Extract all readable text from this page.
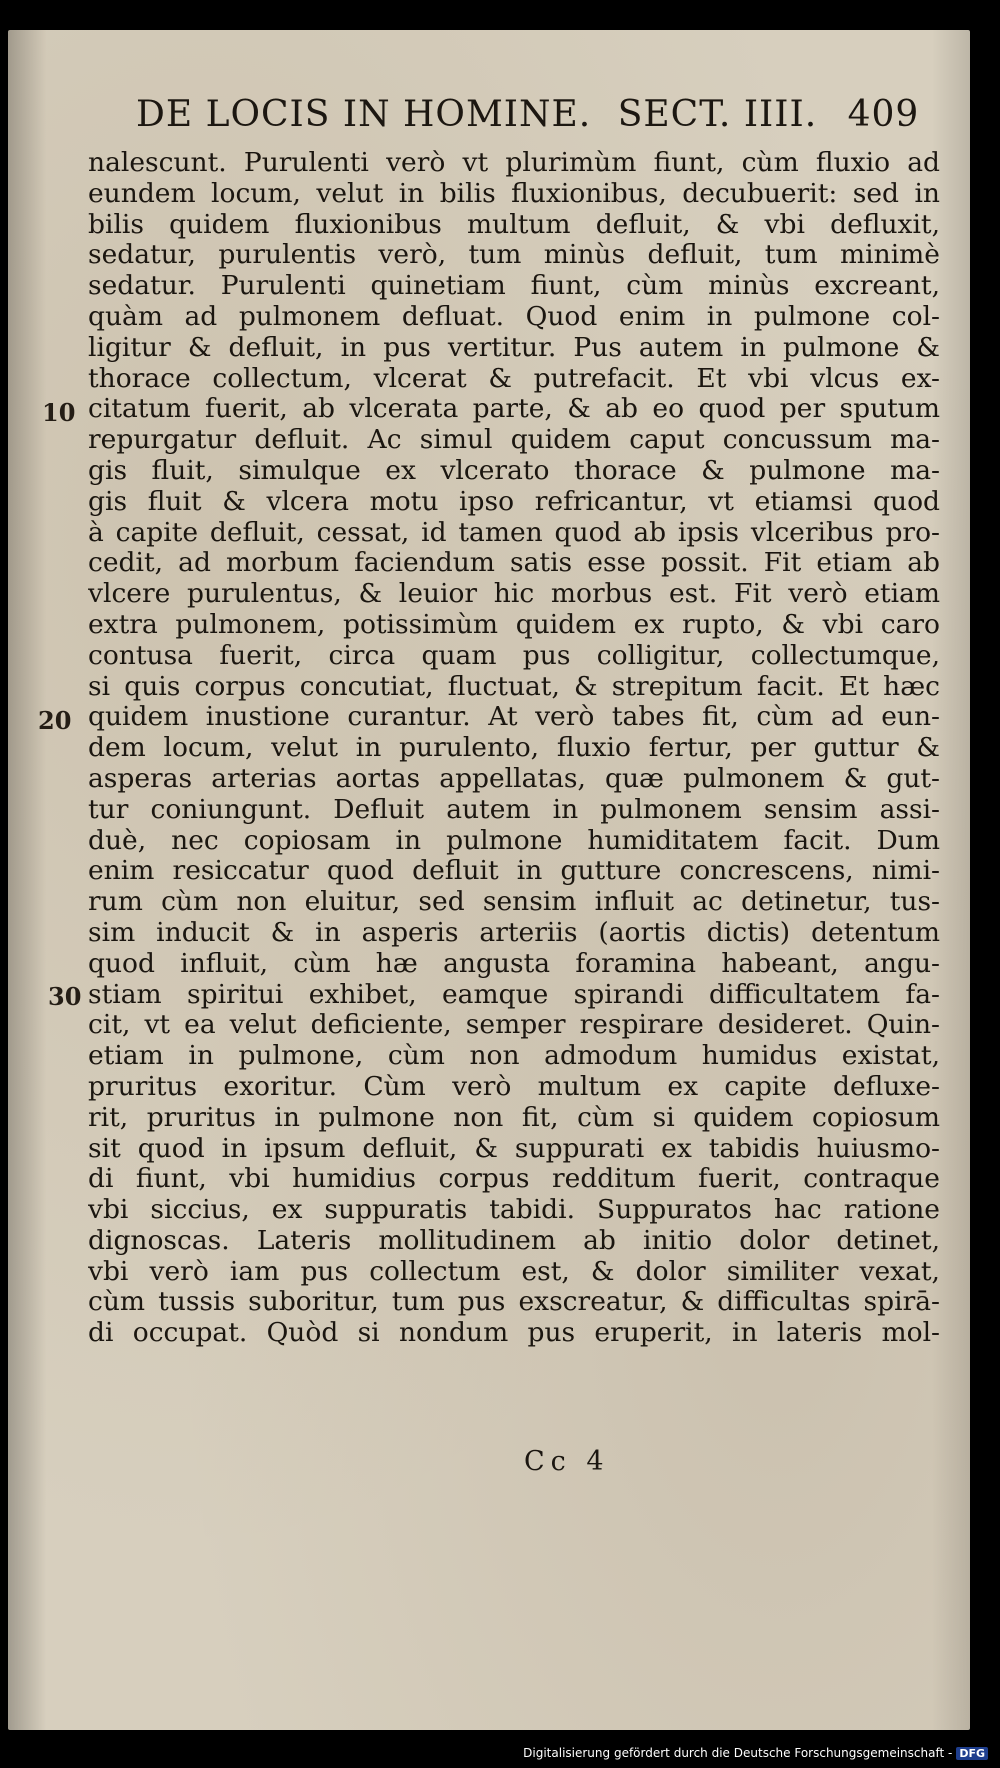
DE LOCIS IN HOMINE. SECT. IIII. 409
10
20
30
nalescunt. Purulenti verò vt plurimùm fiunt, cùm fluxio ad
eundem locum, velut in bilis fluxionibus, decubuerit: sed in
bilis quidem fluxionibus multum defluit, & vbi defluxit,
sedatur, purulentis verò, tum minùs defluit, tum minimè
sedatur. Purulenti quinetiam fiunt, cùm minùs excreant,
quàm ad pulmonem defluat. Quod enim in pulmone col-
ligitur & defluit, in pus vertitur. Pus autem in pulmone &
thorace collectum, vlcerat & putrefacit. Et vbi vlcus ex-
citatum fuerit, ab vlcerata parte, & ab eo quod per sputum
repurgatur defluit. Ac simul quidem caput concussum ma-
gis fluit, simulque ex vlcerato thorace & pulmone ma-
gis fluit & vlcera motu ipso refricantur, vt etiamsi quod
à capite defluit, cessat, id tamen quod ab ipsis vlceribus pro-
cedit, ad morbum faciendum satis esse possit. Fit etiam ab
vlcere purulentus, & leuior hic morbus est. Fit verò etiam
extra pulmonem, potissimùm quidem ex rupto, & vbi caro
contusa fuerit, circa quam pus colligitur, collectumque,
si quis corpus concutiat, fluctuat, & strepitum facit. Et hæc
quidem inustione curantur. At verò tabes fit, cùm ad eun-
dem locum, velut in purulento, fluxio fertur, per guttur &
asperas arterias aortas appellatas, quæ pulmonem & gut-
tur coniungunt. Defluit autem in pulmonem sensim assi-
duè, nec copiosam in pulmone humiditatem facit. Dum
enim resiccatur quod defluit in gutture concrescens, nimi-
rum cùm non eluitur, sed sensim influit ac detinetur, tus-
sim inducit & in asperis arteriis (aortis dictis) detentum
quod influit, cùm hæ angusta foramina habeant, angu-
stiam spiritui exhibet, eamque spirandi difficultatem fa-
cit, vt ea velut deficiente, semper respirare desideret. Quin-
etiam in pulmone, cùm non admodum humidus existat,
pruritus exoritur. Cùm verò multum ex capite defluxe-
rit, pruritus in pulmone non fit, cùm si quidem copiosum
sit quod in ipsum defluit, & suppurati ex tabidis huiusmo-
di fiunt, vbi humidius corpus redditum fuerit, contraque
vbi siccius, ex suppuratis tabidi. Suppuratos hac ratione
dignoscas. Lateris mollitudinem ab initio dolor detinet,
vbi verò iam pus collectum est, & dolor similiter vexat,
cùm tussis suboritur, tum pus exscreatur, & difficultas spirā-
di occupat. Quòd si nondum pus eruperit, in lateris mol-
Cc 4
Digitalisierung gefördert durch die Deutsche Forschungsgemeinschaft - DFG
